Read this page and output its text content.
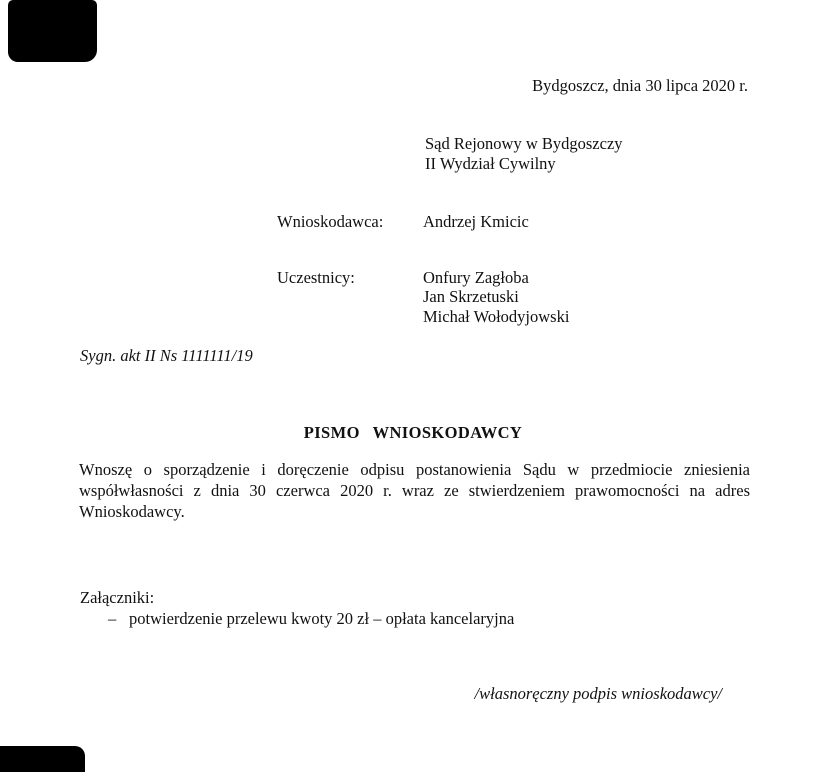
Bydgoszcz, dnia 30 lipca 2020 r.
Sąd Rejonowy w Bydgoszczy
II Wydział Cywilny
Wnioskodawca: Andrzej Kmicic
Uczestnicy:	Onfury Zagłoba
Jan Skrzetuski
Michał Wołodyjowski
Sygn. akt II Ns 1111111/19
PISMO  WNIOSKODAWCY
Wnoszę o sporządzenie i doręczenie odpisu postanowienia Sądu w przedmiocie zniesienia
współwłasności z dnia 30 czerwca 2020 r. wraz ze stwierdzeniem prawomocności na adres
Wnioskodawcy.
Załączniki:
– potwierdzenie przelewu kwoty 20 zł – opłata kancelaryjna
/własnoręczny podpis wnioskodawcy/
